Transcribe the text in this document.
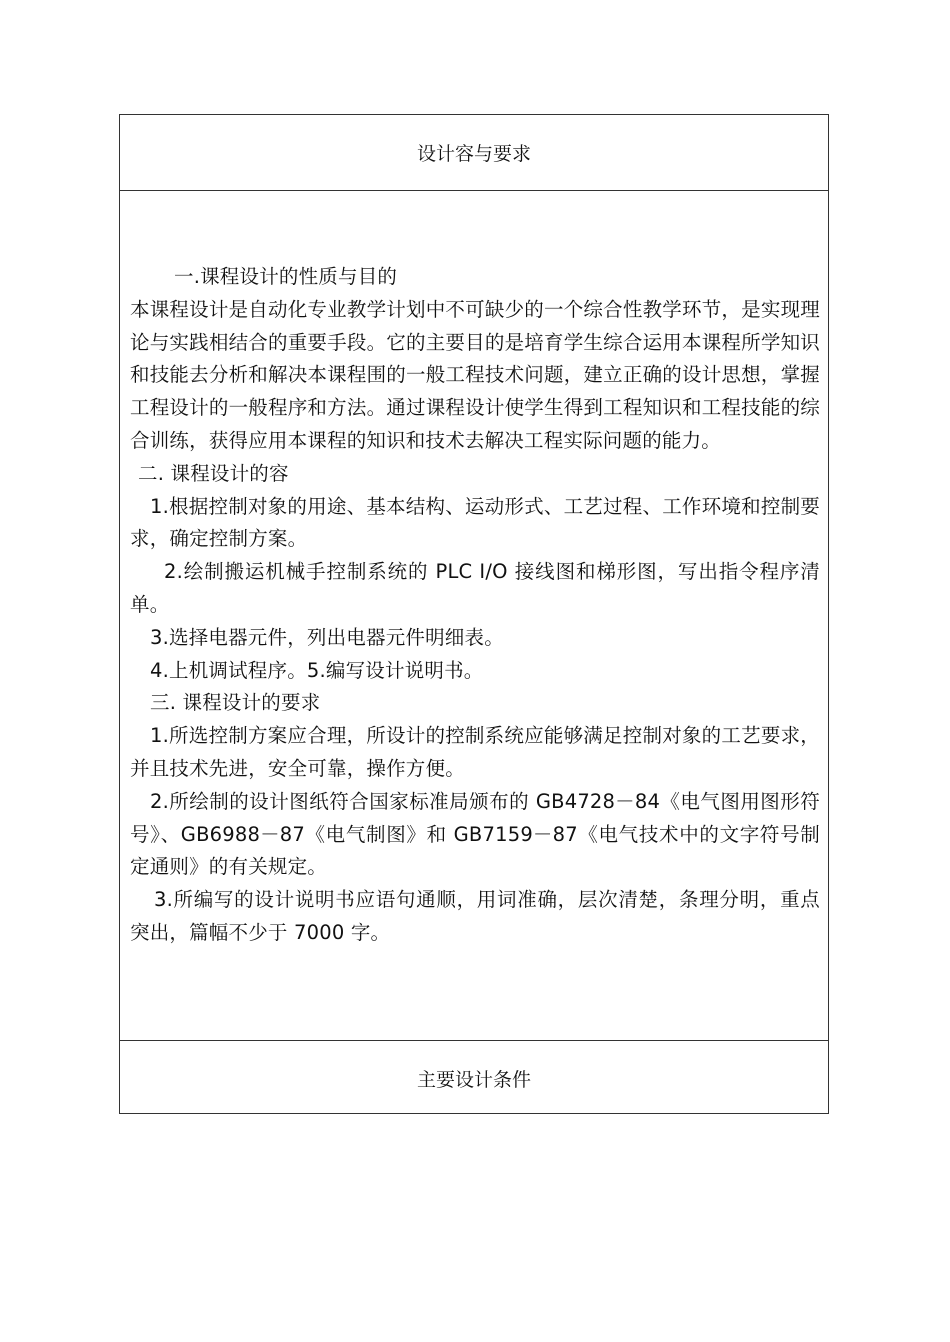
设计容与要求

一.课程设计的性质与目的

本课程设计是自动化专业教学计划中不可缺少的一个综合性教学环节，是实现理论与实践相结合的重要手段。它的主要目的是培育学生综合运用本课程所学知识和技能去分析和解决本课程围的一般工程技术问题，建立正确的设计思想，掌握工程设计的一般程序和方法。通过课程设计使学生得到工程知识和工程技能的综合训练，获得应用本课程的知识和技术去解决工程实际问题的能力。

二. 课程设计的容

1.根据控制对象的用途、基本结构、运动形式、工艺过程、工作环境和控制要求，确定控制方案。

2.绘制搬运机械手控制系统的 PLC I/O 接线图和梯形图，写出指令程序清单。

3.选择电器元件，列出电器元件明细表。

4.上机调试程序。5.编写设计说明书。

三. 课程设计的要求

1.所选控制方案应合理，所设计的控制系统应能够满足控制对象的工艺要求，并且技术先进，安全可靠，操作方便。

2.所绘制的设计图纸符合国家标准局颁布的 GB4728－84《电气图用图形符号》、GB6988－87《电气制图》和 GB7159－87《电气技术中的文字符号制定通则》的有关规定。

3.所编写的设计说明书应语句通顺，用词准确，层次清楚，条理分明，重点突出，篇幅不少于 7000 字。

主要设计条件
